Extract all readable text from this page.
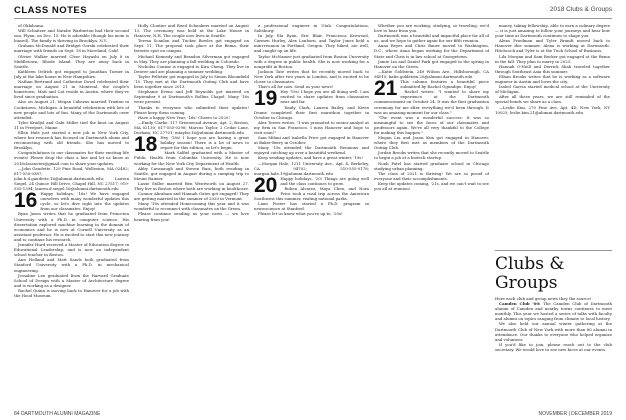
CLASS NOTES	2018 Clubs & Groups

of Oklahoma.

Will Schaitzer and Natalie Warburton had their second son, Flynn, on Dec. 15. He is adorable (though his mom is biased). The family is thriving in Brooklyn, N.Y.

Graham McDonald and Bridget Gorski celebrated their marriage with friends on Sept. 18 in Moreland, Calif.

Olivier Walker married Cleer Hayashi on July 8 in Middletown, Rhode Island. They are away back in Seattle.

Kathleen Oelrich got engaged to Jonathan Turner in July at the lake house in New Hampshire.

Nathan Bertrand and Catherine Dowd celebrated their marriage on August 21 in Montreal, the couple's hometown. Matt and Cat reside in Austin, where they've lived since graduation.

Also on August 21, Megan Cabezas married Truxton in Cookstown, Michigan. A beautiful celebration with lots of new people and lots of fun. Many of the Dartmouth crew attended.

Tyler Kradjel and Gabi Miller tied the knot on August 11 in Freeport, Maine.

Ellen Hale just started a new job in New York City, where her research has focused on Dartmouth alums and reconnecting with old friends. She has moved to Brooklyn.

Congratulations to our classmates for their exciting life events! Please drop the class a line and let us know at 2016classnotes@gmail.com to share your updates.

—John Gaudette, 129 Pine Road, Welleston, MA 02482; 617-555-0387; john.b.d.gaudette.16@alumni.dartmouth.edu; Lauren Siegel, 24 Quince Hill Drive, Chapel Hill, NC 27517; 919-555-1394; lauren.d.siegel.16@alumni.dartmouth.edu

16 Happy holidays, '16s! We have engaged ourselves with many wonderful updates this cycle, so let's dive right into the updates from our classmates. Enjoy!

Ryan Jasen writes that he graduated from Princeton University with a Ph.D. in computer science. His dissertation explored machine learning in the domain of economics and he is now at Cornell University as an assistant professor. He is excited to start this new journey and to continue his research.

Jennifer Hurd received a Master of Education degree in Educational Leadership, and is now an independent school teacher in Boston.

Ann Holland and Matt Sands both graduated from Stanford University with a Ph.D. in mechanical engineering.

Jessaline Lee graduated from the Harvard Graduate School of Design with a Master of Architecture degree and is working as a designer.

Rachel Quinn is moving back to Hanover for a job with the Hood Museum.

Holly Cloutier and Reed Schenkers married on August 13. The ceremony was held at the Lake House in Hanover, N.H. The couple now lives in Seattle.

Teresa Scanlan and Tucker Bowles got engaged on Sept. 11. The proposal took place at the Bema, their favorite spot on campus.

Michael Kennedy and Brandon Silverman got engaged in May. They are planning a fall wedding in Colorado.

Nicholas Connor is engaged to Kira Cheng. They live in Denver and are planning a summer wedding.

Taylor Pelletier got engaged in July to Simon Bloomfield '15. They met at the Dartmouth Outing Club and have been together since 2013.

Stephanie Evens and Jeff Reynolds got married on September 9 at Dartmouth's Rollins Chapel. Many '16s were present.

Thanks to everyone who submitted their updates! Please keep them coming.

Have a happy New Year, '16s! Cheers to 2020!

—Emily Clarke, 117 Greenwood Avenue, Apt. 2, Boston, MA 02130; 617-555-0298; Marcus Taylor, 2 Cedar Lane, Durham, NC 27701; mtaylor.16@alumni.dartmouth.edu

18 Hey '18s! I hope you are having a great holiday season! There is a lot of news to report for this edition, so let's begin.

Mark Salfiel graduated with a Master of Public Health from Columbia University. He is now working for the New York City Department of Health.

Abby Cavanaugh and Steven Ruiz, both residing in Seattle, got engaged in August during a camping trip to Mount Rainier.

Lizzie Stiller married Ben Wentworth on August 27. They live in Boston where both are working in healthcare.

Connor Abraham and Hannah Gates got engaged! They are getting married in the summer of 2020 in Vermont.

Many '18s attended Homecoming this year and it was wonderful to reconnect with classmates on the Green.

Please continue sending us your news — we love hearing from you!

a professional engineer in Utah. Congratulations, Saltsburg!

In July, Ela Ryan, Eric Blair, Francesca Keewood, Carmen Hurley, Alex Lonborn, and Taylor Jones held a mini-reunion in Portland, Oregon. They hiked, ate well, and caught up on life.

Taylor McNamee just graduated from Boston University with a degree in public health. She is now working for a nonprofit in Boston.

Jackson Tate writes that he recently moved back to New York after two years in London, and is excited to be closer to classmates.

That's all for now. Send us your news!

19 Hey '19s! I hope you are all doing well. I am excited to share updates from classmates near and far.

Emily Clark, Lauren Bailey, and Kevin Dunne completed their first marathon together in October in Chicago.

Alex Torres writes, "I was promoted to senior analyst at my firm in San Francisco. I miss Hanover and hope to visit soon!"

Sam Milani and Isabella Price got engaged in Hanover at Baker-Berry in October.

Many '19s attended the Dartmouth Reunions and enjoyed catching up over a beautiful weekend.

Keep sending updates, and have a great winter, '19s!

—Morgan Hale, 1211 University Ave., Apt. 4, Berkeley, CA 94702; 510-555-0178; morgan.hale.19@alumni.dartmouth.edu

20 Happy holidays, '20! Things are going well and the class continues to grow.

Ruben Alvarez, Maya Chen, and Nora Price took a road trip across the American Southwest this summer, visiting national parks.

Liam Foster has started a Ph.D. program in neuroscience at Stanford.

Please let us know what you're up to, '20s!

Whether you are working, studying, or traveling, we'd love to hear from you.

Dartmouth was a beautiful and impactful place for all of us, and we hope to gather again for our fifth reunion.

Anna Reyes and Chris Bauer moved to Washington, D.C., where Anna began working for the Department of State and Chris is in law school at Georgetown.

Jamie Lin and Daniel Park got engaged in the spring in Hanover on the Green.

—Katie Goldstein, 249 Wilson Ave., Hillsborough, CA 94010; katie.goldstein.20@alumni.dartmouth.edu

21 This column features a beautiful piece submitted by Rachel Ogundipe. Enjoy!

Rachel writes: "I wanted to share my experience at the Dartmouth commencement on October 24. It was the first graduation ceremony for me after everything we'd been through. It was an amazing moment for our class."

"The event was a wonderful success. It was so meaningful to see the faces of our classmates and professors again. We're all very thankful to the College for making this happen."

Megan Liu and Jason Kim got engaged in Hanover, where they first met as members of the Dartmouth Outing Club.

Jordan Brooks writes that she recently moved to Seattle to begin a job at a biotech startup.

Noah Patel has started graduate school in Chicago studying urban planning.

The class of 2021 is thriving! We are so proud of everyone and their accomplishments.

Keep the updates coming, '21s, and we can't wait to see you all at reunion!

money, taking fellowship, able to earn a culinary degree — it is just amazing to follow your journeys and hear how your time at Dartmouth continues to shape you.

Alexa Friedman and Tyler Brandt moved back to Hanover this summer. Alexa is working at Dartmouth-Hitchcock and Tyler is at the Tuck School of Business.

Lila Morgan and Sam Becker got engaged at the Bema in the fall. They plan to marry in 2023.

Hannah O'Neill and Derrick Shah traveled together through Southeast Asia this summer.

Ethan Brooks writes that he is working as a software engineer in Austin and loves the city.

Isabel Garcia started medical school at the University of Michigan.

After all these years, we are still reminded of the special bonds we share as a class.

—Leslie Kim, 270 Pine Ave, Apt. 4D, New York, NY 10025; leslie.kim.21@alumni.dartmouth.edu

Clubs & Groups

Here each club and group news they the source!

Camden Club '00: The Camden Club of Dartmouth alumni of Camden and nearby towns continues to meet monthly. This year we hosted a series of talks with faculty and alumni on topics ranging from climate to local history.

We also held our annual winter gathering at the Dartmouth Club of New York with more than 80 alumni in attendance. Our thanks to everyone who helped organize and volunteer.

If you'd like to join, please reach out to the club secretary. We would love to see new faces at our events.

84 DARTMOUTH ALUMNI MAGAZINE	NOVEMBER | DECEMBER 2019
